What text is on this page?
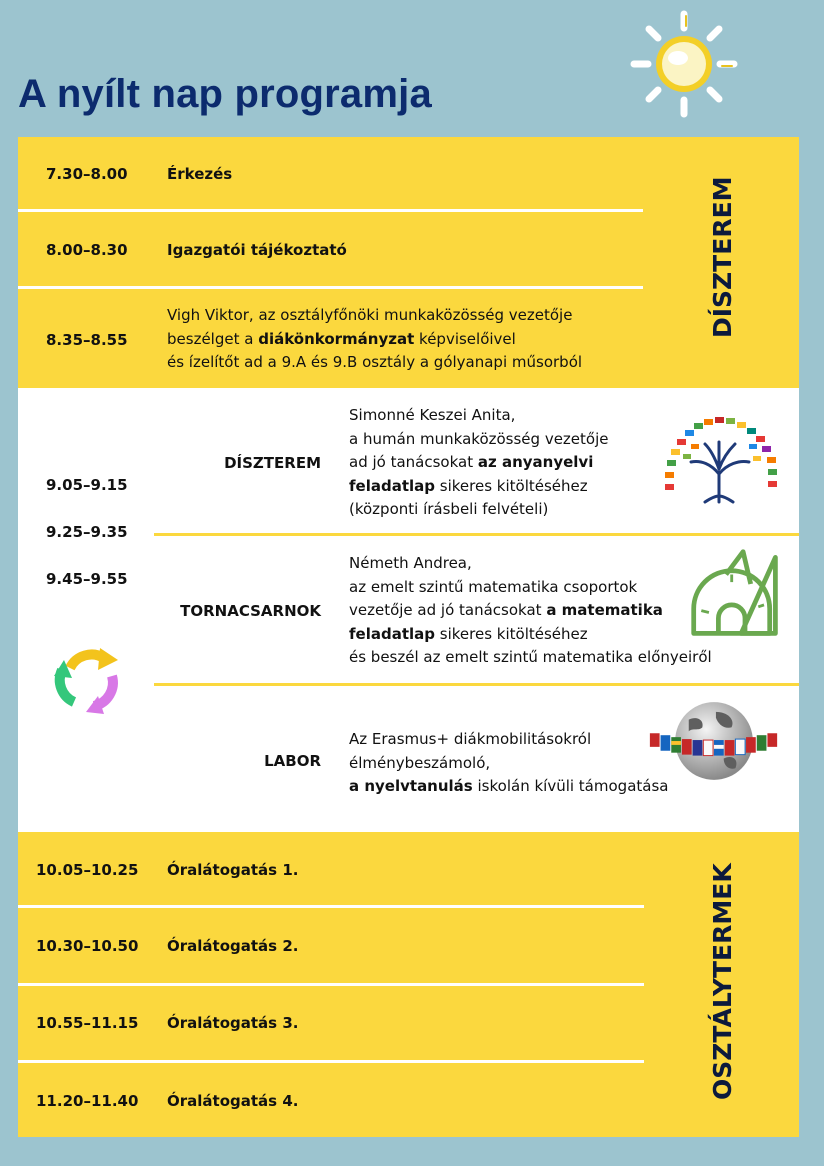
A nyílt nap programja
7.30–8.00	Érkezés
8.00–8.30	Igazgatói tájékoztató
8.35–8.55
Vigh Viktor, az osztályfőnöki munkaközösség vezetője
beszélget a diákönkormányzat képviselőivel
és ízelítőt ad a 9.A és 9.B osztály a gólyanapi műsorból
DÍSZTEREM
9.05–9.15
9.25–9.35
9.45–9.55
DÍSZTEREM
Simonné Keszei Anita,
a humán munkaközösség vezetője
ad jó tanácsokat az anyanyelvi
feladatlap sikeres kitöltéséhez
(központi írásbeli felvételi)
TORNACSARNOK
Németh Andrea,
az emelt szintű matematika csoportok
vezetője ad jó tanácsokat a matematika
feladatlap sikeres kitöltéséhez
és beszél az emelt szintű matematika előnyeiről
LABOR
Az Erasmus+ diákmobilitásokról
élménybeszámoló,
a nyelvtanulás iskolán kívüli támogatása
10.05–10.25 Óralátogatás 1.
10.30–10.50 Óralátogatás 2.
10.55–11.15 Óralátogatás 3.
11.20–11.40 Óralátogatás 4.
OSZTÁLYTERMEK
